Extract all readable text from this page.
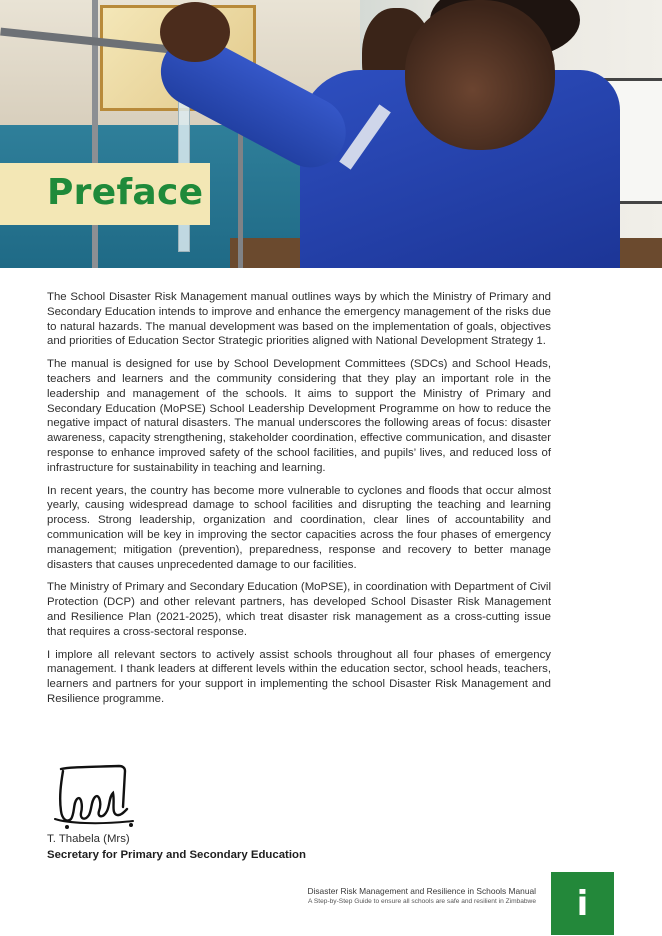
Preface

The School Disaster Risk Management manual outlines ways by which the Ministry of Primary and Secondary Education intends to improve and enhance the emergency management of the risks due to natural hazards. The manual development was based on the implementation of goals, objectives and priorities of Education Sector Strategic priorities aligned with National Development Strategy 1.

The manual is designed for use by School Development Committees (SDCs) and School Heads, teachers and learners and the community considering that they play an important role in the leadership and management of the schools. It aims to support the Ministry of Primary and Secondary Education (MoPSE) School Leadership Development Programme on how to reduce the negative impact of natural disasters. The manual underscores the following areas of focus: disaster awareness, capacity strengthening, stakeholder coordination, effective communication, and disaster response to enhance improved safety of the school facilities, and pupils’ lives, and reduced loss of infrastructure for sustainability in teaching and learning.

In recent years, the country has become more vulnerable to cyclones and floods that occur almost yearly, causing widespread damage to school facilities and disrupting the teaching and learning process. Strong leadership, organization and coordination, clear lines of accountability and communication will be key in improving the sector capacities across the four phases of emergency management; mitigation (prevention), preparedness, response and recovery to better manage disasters that causes unprecedented damage to our facilities.

The Ministry of Primary and Secondary Education (MoPSE), in coordination with Department of Civil Protection (DCP) and other relevant partners, has developed School Disaster Risk Management and Resilience Plan (2021-2025), which treat disaster risk management as a cross-cutting issue that requires a cross-sectoral response.

I implore all relevant sectors to actively assist schools throughout all four phases of emergency management. I thank leaders at different levels within the education sector, school heads, teachers, learners and partners for your support in implementing the school Disaster Risk Management and Resilience programme.

T. Thabela (Mrs)
Secretary for Primary and Secondary Education
Disaster Risk Management and Resilience in Schools Manual
A Step-by-Step Guide to ensure all schools are safe and resilient in Zimbabwe	i
